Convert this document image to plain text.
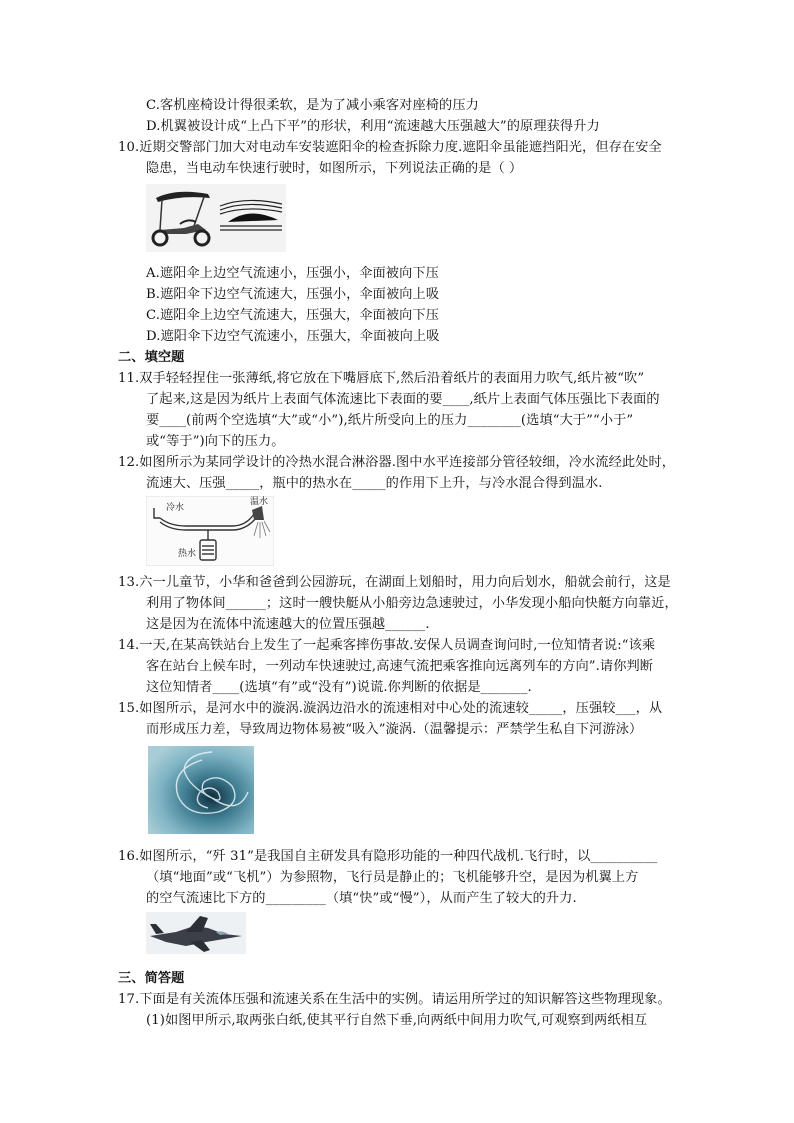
C.客机座椅设计得很柔软，是为了减小乘客对座椅的压力
D.机翼被设计成“上凸下平”的形状，利用“流速越大压强越大”的原理获得升力
10.近期交警部门加大对电动车安装遮阳伞的检查拆除力度.遮阳伞虽能遮挡阳光，但存在安全
隐患，当电动车快速行驶时，如图所示，下列说法正确的是（ ）
A.遮阳伞上边空气流速小，压强小，伞面被向下压
B.遮阳伞下边空气流速大，压强小，伞面被向上吸
C.遮阳伞上边空气流速大，压强大，伞面被向下压
D.遮阳伞下边空气流速小，压强大，伞面被向上吸
二、填空题
11.双手轻轻捏住一张薄纸,将它放在下嘴唇底下,然后沿着纸片的表面用力吹气,纸片被“吹”
了起来,这是因为纸片上表面气体流速比下表面的要____,纸片上表面气体压强比下表面的
要____(前两个空选填“大”或“小”),纸片所受向上的压力________(选填“大于”“小于”
或“等于”)向下的压力。
12.如图所示为某同学设计的冷热水混合淋浴器.图中水平连接部分管径较细，冷水流经此处时，
流速大、压强_____，瓶中的热水在_____的作用下上升，与冷水混合得到温水.
冷水
温水
热水
13.六一儿童节，小华和爸爸到公园游玩，在湖面上划船时，用力向后划水，船就会前行，这是
利用了物体间______；这时一艘快艇从小船旁边急速驶过，小华发现小船向快艇方向靠近，
这是因为在流体中流速越大的位置压强越______.
14.一天,在某高铁站台上发生了一起乘客摔伤事故.安保人员调查询问时,一位知情者说:“该乘
客在站台上候车时，一列动车快速驶过,高速气流把乘客推向远离列车的方向”.请你判断
这位知情者____(选填“有”或“没有”)说谎.你判断的依据是_______.
15.如图所示，是河水中的漩涡.漩涡边沿水的流速相对中心处的流速较_____，压强较___，从
而形成压力差，导致周边物体易被“吸入”漩涡.（温馨提示：严禁学生私自下河游泳）
16.如图所示，“歼 31”是我国自主研发具有隐形功能的一种四代战机.飞行时，以__________
（填“地面”或“飞机”）为参照物，飞行员是静止的；飞机能够升空，是因为机翼上方
的空气流速比下方的_________（填“快”或“慢”），从而产生了较大的升力.
三、简答题
17.下面是有关流体压强和流速关系在生活中的实例。请运用所学过的知识解答这些物理现象。
(1)如图甲所示,取两张白纸,使其平行自然下垂,向两纸中间用力吹气,可观察到两纸相互
